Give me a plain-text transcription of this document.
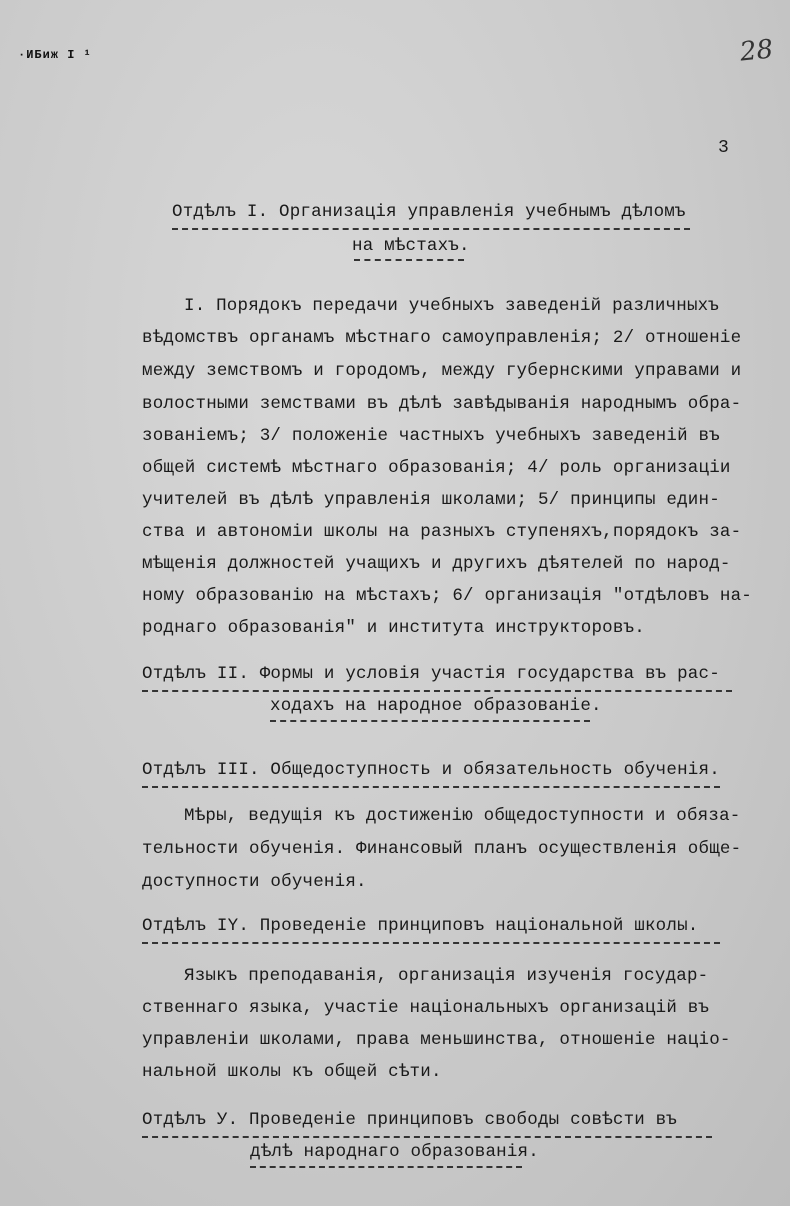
∙ИБиж І ¹	28
3
Отдѣлъ I. Организація управленія учебнымъ дѣломъ
на мѣстахъ.
I. Порядокъ передачи учебныхъ заведеній различныхъ
вѣдомствъ органамъ мѣстнаго самоуправленія; 2/ отношеніе
между земствомъ и городомъ, между губернскими управами и
волостными земствами въ дѣлѣ завѣдыванія народнымъ обра-
зованіемъ; 3/ положеніе частныхъ учебныхъ заведеній въ
общей системѣ мѣстнаго образованія; 4/ роль организаціи
учителей въ дѣлѣ управленія школами; 5/ принципы един-
ства и автономіи школы на разныхъ ступеняхъ,порядокъ за-
мѣщенія должностей учащихъ и другихъ дѣятелей по народ-
ному образованію на мѣстахъ; 6/ организація "отдѣловъ на-
роднаго образованія" и института инструкторовъ.
Отдѣлъ II. Формы и условія участія государства въ рас-
ходахъ на народное образованіе.
Отдѣлъ III. Общедоступность и обязательность обученія.
Мѣры, ведущія къ достиженію общедоступности и обяза-
тельности обученія. Финансовый планъ осуществленія обще-
доступности обученія.
Отдѣлъ IY. Проведеніе принциповъ національной школы.
Языкъ преподаванія, организація изученія государ-
ственнаго языка, участіе національныхъ организацій въ
управленіи школами, права меньшинства, отношеніе націо-
нальной школы къ общей сѣти.
Отдѣлъ У. Проведеніе принциповъ свободы совѣсти въ
дѣлѣ народнаго образованія.
